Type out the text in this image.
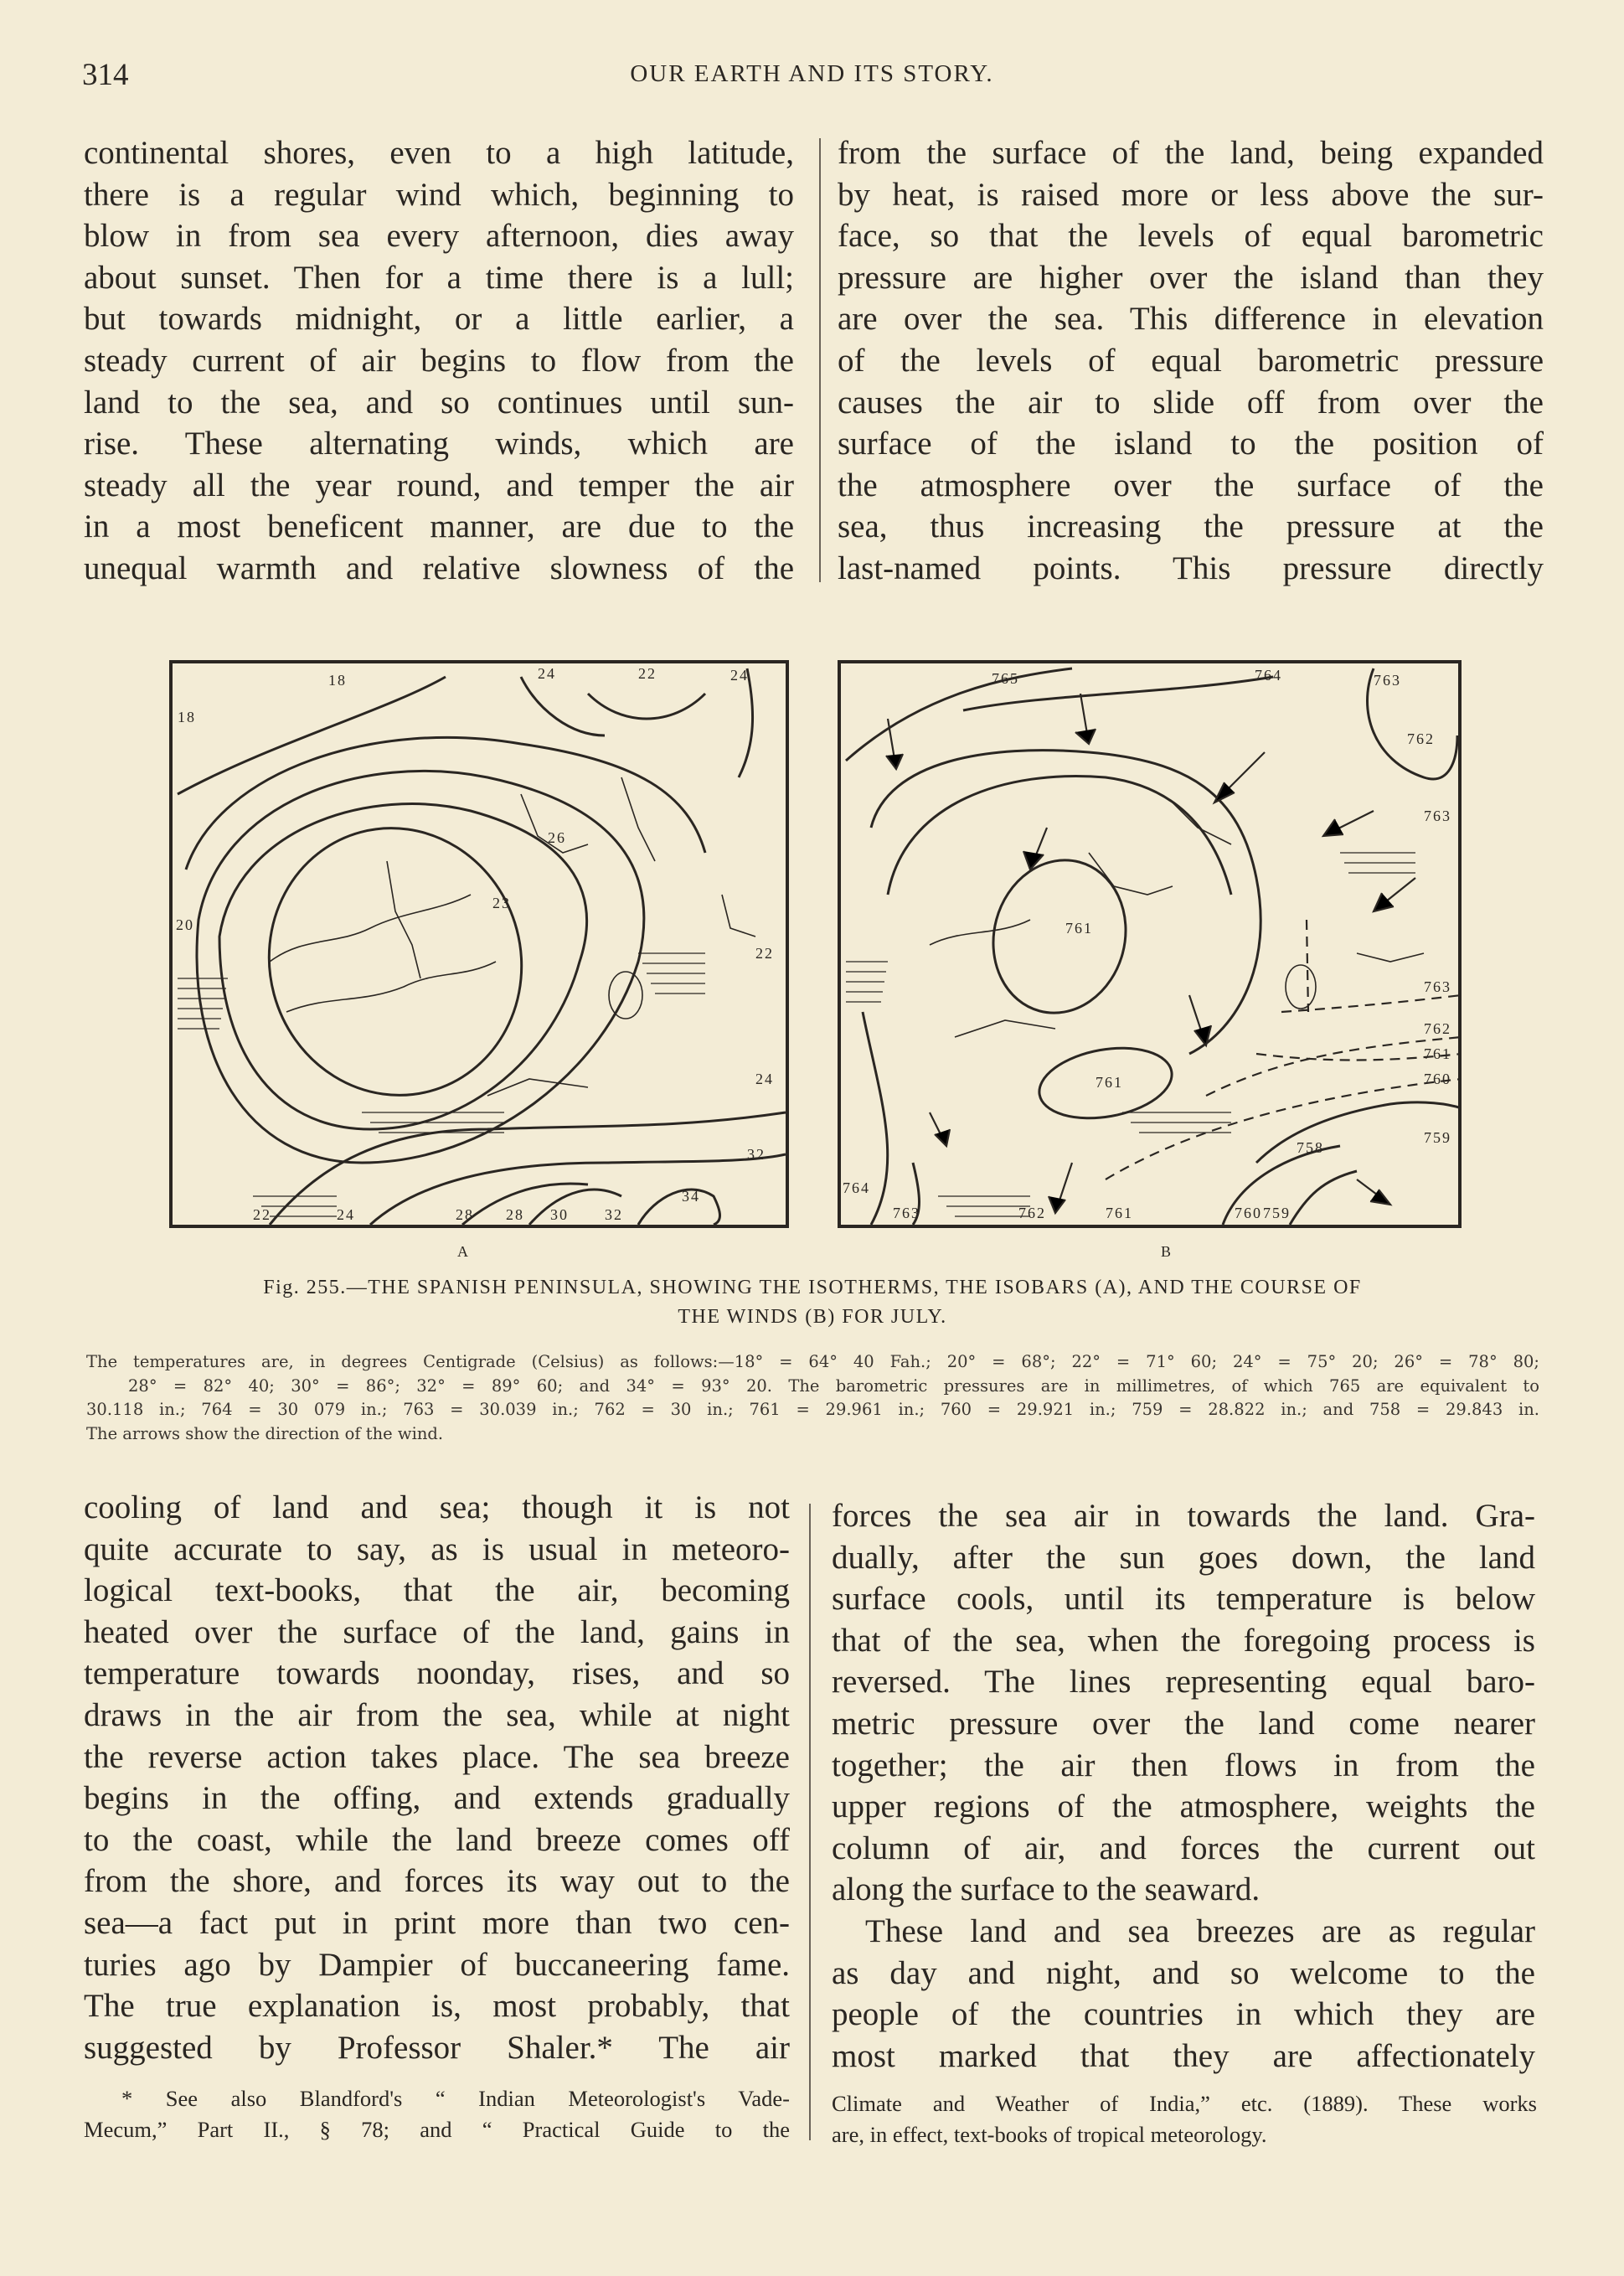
314	OUR EARTH AND ITS STORY.
continental shores, even to a high latitude,
there is a regular wind which, beginning to
blow in from sea every afternoon, dies away
about sunset. Then for a time there is a lull;
but towards midnight, or a little earlier, a
steady current of air begins to flow from the
land to the sea, and so continues until sun-
rise. These alternating winds, which are
steady all the year round, and temper the air
in a most beneficent manner, are due to the
unequal warmth and relative slowness of the
from the surface of the land, being expanded
by heat, is raised more or less above the sur-
face, so that the levels of equal barometric
pressure are higher over the island than they
are over the sea. This difference in elevation
of the levels of equal barometric pressure
causes the air to slide off from over the
surface of the island to the position of
the atmosphere over the surface of the
sea, thus increasing the pressure at the
last-named points. This pressure directly
18
18
24	22	24
20
26
23
22
24
32
22	24	28 28 30 32
34
A
765	764	763
762
763
761
763
762
761
760
761
759
758
764
763	762	761	760 759
B
Fig. 255.—THE SPANISH PENINSULA, SHOWING THE ISOTHERMS, THE ISOBARS (A), AND THE COURSE OF
THE WINDS (B) FOR JULY.
The temperatures are, in degrees Centigrade (Celsius) as follows:—18° = 64° 40 Fah.; 20° = 68°; 22° = 71° 60; 24° = 75° 20; 26° = 78° 80;
28° = 82° 40; 30° = 86°; 32° = 89° 60; and 34° = 93° 20. The barometric pressures are in millimetres, of which 765 are equivalent to
30.118 in.; 764 = 30 079 in.; 763 = 30.039 in.; 762 = 30 in.; 761 = 29.961 in.; 760 = 29.921 in.; 759 = 28.822 in.; and 758 = 29.843 in.
The arrows show the direction of the wind.
cooling of land and sea; though it is not
quite accurate to say, as is usual in meteoro-
logical text-books, that the air, becoming
heated over the surface of the land, gains in
temperature towards noonday, rises, and so
draws in the air from the sea, while at night
the reverse action takes place. The sea breeze
begins in the offing, and extends gradually
to the coast, while the land breeze comes off
from the shore, and forces its way out to the
sea—a fact put in print more than two cen-
turies ago by Dampier of buccaneering fame.
The true explanation is, most probably, that
suggested by Professor Shaler.* The air
forces the sea air in towards the land. Gra-
dually, after the sun goes down, the land
surface cools, until its temperature is below
that of the sea, when the foregoing process is
reversed. The lines representing equal baro-
metric pressure over the land come nearer
together; the air then flows in from the
upper regions of the atmosphere, weights the
column of air, and forces the current out
along the surface to the seaward.
These land and sea breezes are as regular
as day and night, and so welcome to the
people of the countries in which they are
most marked that they are affectionately
* See also Blandford's “ Indian Meteorologist's Vade-
Mecum,” Part II., § 78; and “ Practical Guide to the
Climate and Weather of India,” etc. (1889). These works
are, in effect, text-books of tropical meteorology.
